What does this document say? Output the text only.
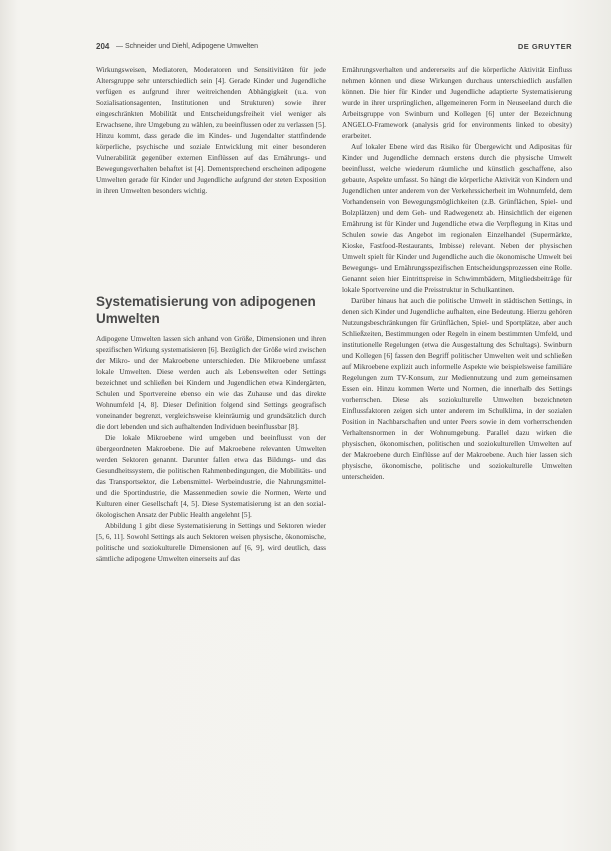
204 — Schneider und Diehl, Adipogene Umwelten	DE GRUYTER

Wirkungsweisen, Mediatoren, Moderatoren und Sensitivitäten für jede Altersgruppe sehr unterschiedlich sein [4]. Gerade Kinder und Jugendliche verfügen es aufgrund ihrer weitreichenden Abhängigkeit (u.a. von Sozialisationsagenten, Institutionen und Strukturen) sowie ihrer eingeschränkten Mobilität und Entscheidungsfreiheit viel weniger als Erwachsene, ihre Umgebung zu wählen, zu beeinflussen oder zu verlassen [5]. Hinzu kommt, dass gerade die im Kindes- und Jugendalter stattfindende körperliche, psychische und soziale Entwicklung mit einer besonderen Vulnerabilität gegenüber externen Einflüssen auf das Ernährungs- und Bewegungsverhalten behaftet ist [4]. Dementsprechend erscheinen adipogene Umwelten gerade für Kinder und Jugendliche aufgrund der steten Exposition in ihren Umwelten besonders wichtig.

Systematisierung von adipogenen Umwelten

Adipogene Umwelten lassen sich anhand von Größe, Dimensionen und ihren spezifischen Wirkung systematisieren [6]. Bezüglich der Größe wird zwischen der Mikro- und der Makroebene unterschieden. Die Mikroebene umfasst lokale Umwelten. Diese werden auch als Lebenswelten oder Settings bezeichnet und schließen bei Kindern und Jugendlichen etwa Kindergärten, Schulen und Sportvereine ebenso ein wie das Zuhause und das direkte Wohnumfeld [4, 8]. Dieser Definition folgend sind Settings geografisch voneinander begrenzt, vergleichsweise kleinräumig und grundsätzlich durch die dort lebenden und sich aufhaltenden Individuen beeinflussbar [8].

Die lokale Mikroebene wird umgeben und beeinflusst von der übergeordneten Makroebene. Die auf Makroebene relevanten Umwelten werden Sektoren genannt. Darunter fallen etwa das Bildungs- und das Gesundheitssystem, die politischen Rahmenbedingungen, die Mobilitäts- und das Transportsektor, die Lebensmittel- Werbeindustrie, die Nahrungsmittel- und die Sportindustrie, die Massenmedien sowie die Normen, Werte und Kulturen einer Gesellschaft [4, 5]. Diese Systematisierung ist an den sozial-ökologischen Ansatz der Public Health angelehnt [5].

Abbildung 1 gibt diese Systematisierung in Settings und Sektoren wieder [5, 6, 11]. Sowohl Settings als auch Sektoren weisen physische, ökonomische, politische und soziokulturelle Dimensionen auf [6, 9], wird deutlich, dass sämtliche adipogene Umwelten einerseits auf das

Ernährungsverhalten und andererseits auf die körperliche Aktivität Einfluss nehmen können und diese Wirkungen durchaus unterschiedlich ausfallen können. Die hier für Kinder und Jugendliche adaptierte Systematisierung wurde in ihrer ursprünglichen, allgemeineren Form in Neuseeland durch die Arbeitsgruppe von Swinburn und Kollegen [6] unter der Bezeichnung ANGELO-Framework (analysis grid for environments linked to obesity) erarbeitet.

Auf lokaler Ebene wird das Risiko für Übergewicht und Adipositas für Kinder und Jugendliche demnach erstens durch die physische Umwelt beeinflusst, welche wiederum räumliche und künstlich geschaffene, also gebaute, Aspekte umfasst. So hängt die körperliche Aktivität von Kindern und Jugendlichen unter anderem von der Verkehrssicherheit im Wohnumfeld, dem Vorhandensein von Bewegungsmöglichkeiten (z.B. Grünflächen, Spiel- und Bolzplätzen) und dem Geh- und Radwegenetz ab. Hinsichtlich der eigenen Ernährung ist für Kinder und Jugendliche etwa die Verpflegung in Kitas und Schulen sowie das Angebot im regionalen Einzelhandel (Supermärkte, Kioske, Fastfood-Restaurants, Imbisse) relevant. Neben der physischen Umwelt spielt für Kinder und Jugendliche auch die ökonomische Umwelt bei Bewegungs- und Ernährungsspezifischen Entscheidungsprozessen eine Rolle. Genannt seien hier Eintrittspreise in Schwimmbädern, Mitgliedsbeiträge für lokale Sportvereine und die Preisstruktur in Schulkantinen.

Darüber hinaus hat auch die politische Umwelt in städtischen Settings, in denen sich Kinder und Jugendliche aufhalten, eine Bedeutung. Hierzu gehören Nutzungsbeschränkungen für Grünflächen, Spiel- und Sportplätze, aber auch Schließzeiten, Bestimmungen oder Regeln in einem bestimmten Umfeld, und institutionelle Regelungen (etwa die Ausgestaltung des Schultags). Swinburn und Kollegen [6] fassen den Begriff politischer Umwelten weit und schließen auf Mikroebene explizit auch informelle Aspekte wie beispielsweise familiäre Regelungen zum TV-Konsum, zur Mediennutzung und zum gemeinsamen Essen ein. Hinzu kommen Werte und Normen, die innerhalb des Settings vorherrschen. Diese als soziokulturelle Umwelten bezeichneten Einflussfaktoren zeigen sich unter anderem im Schulklima, in der sozialen Position in Nachbarschaften und unter Peers sowie in dem vorherrschenden Verhaltensnormen in der Wohnumgebung. Parallel dazu wirken die physischen, ökonomischen, politischen und soziokulturellen Umwelten auf der Makroebene durch Einflüsse auf der Makroebene. Auch hier lassen sich physische, ökonomische, politische und soziokulturelle Umwelten unterscheiden.
